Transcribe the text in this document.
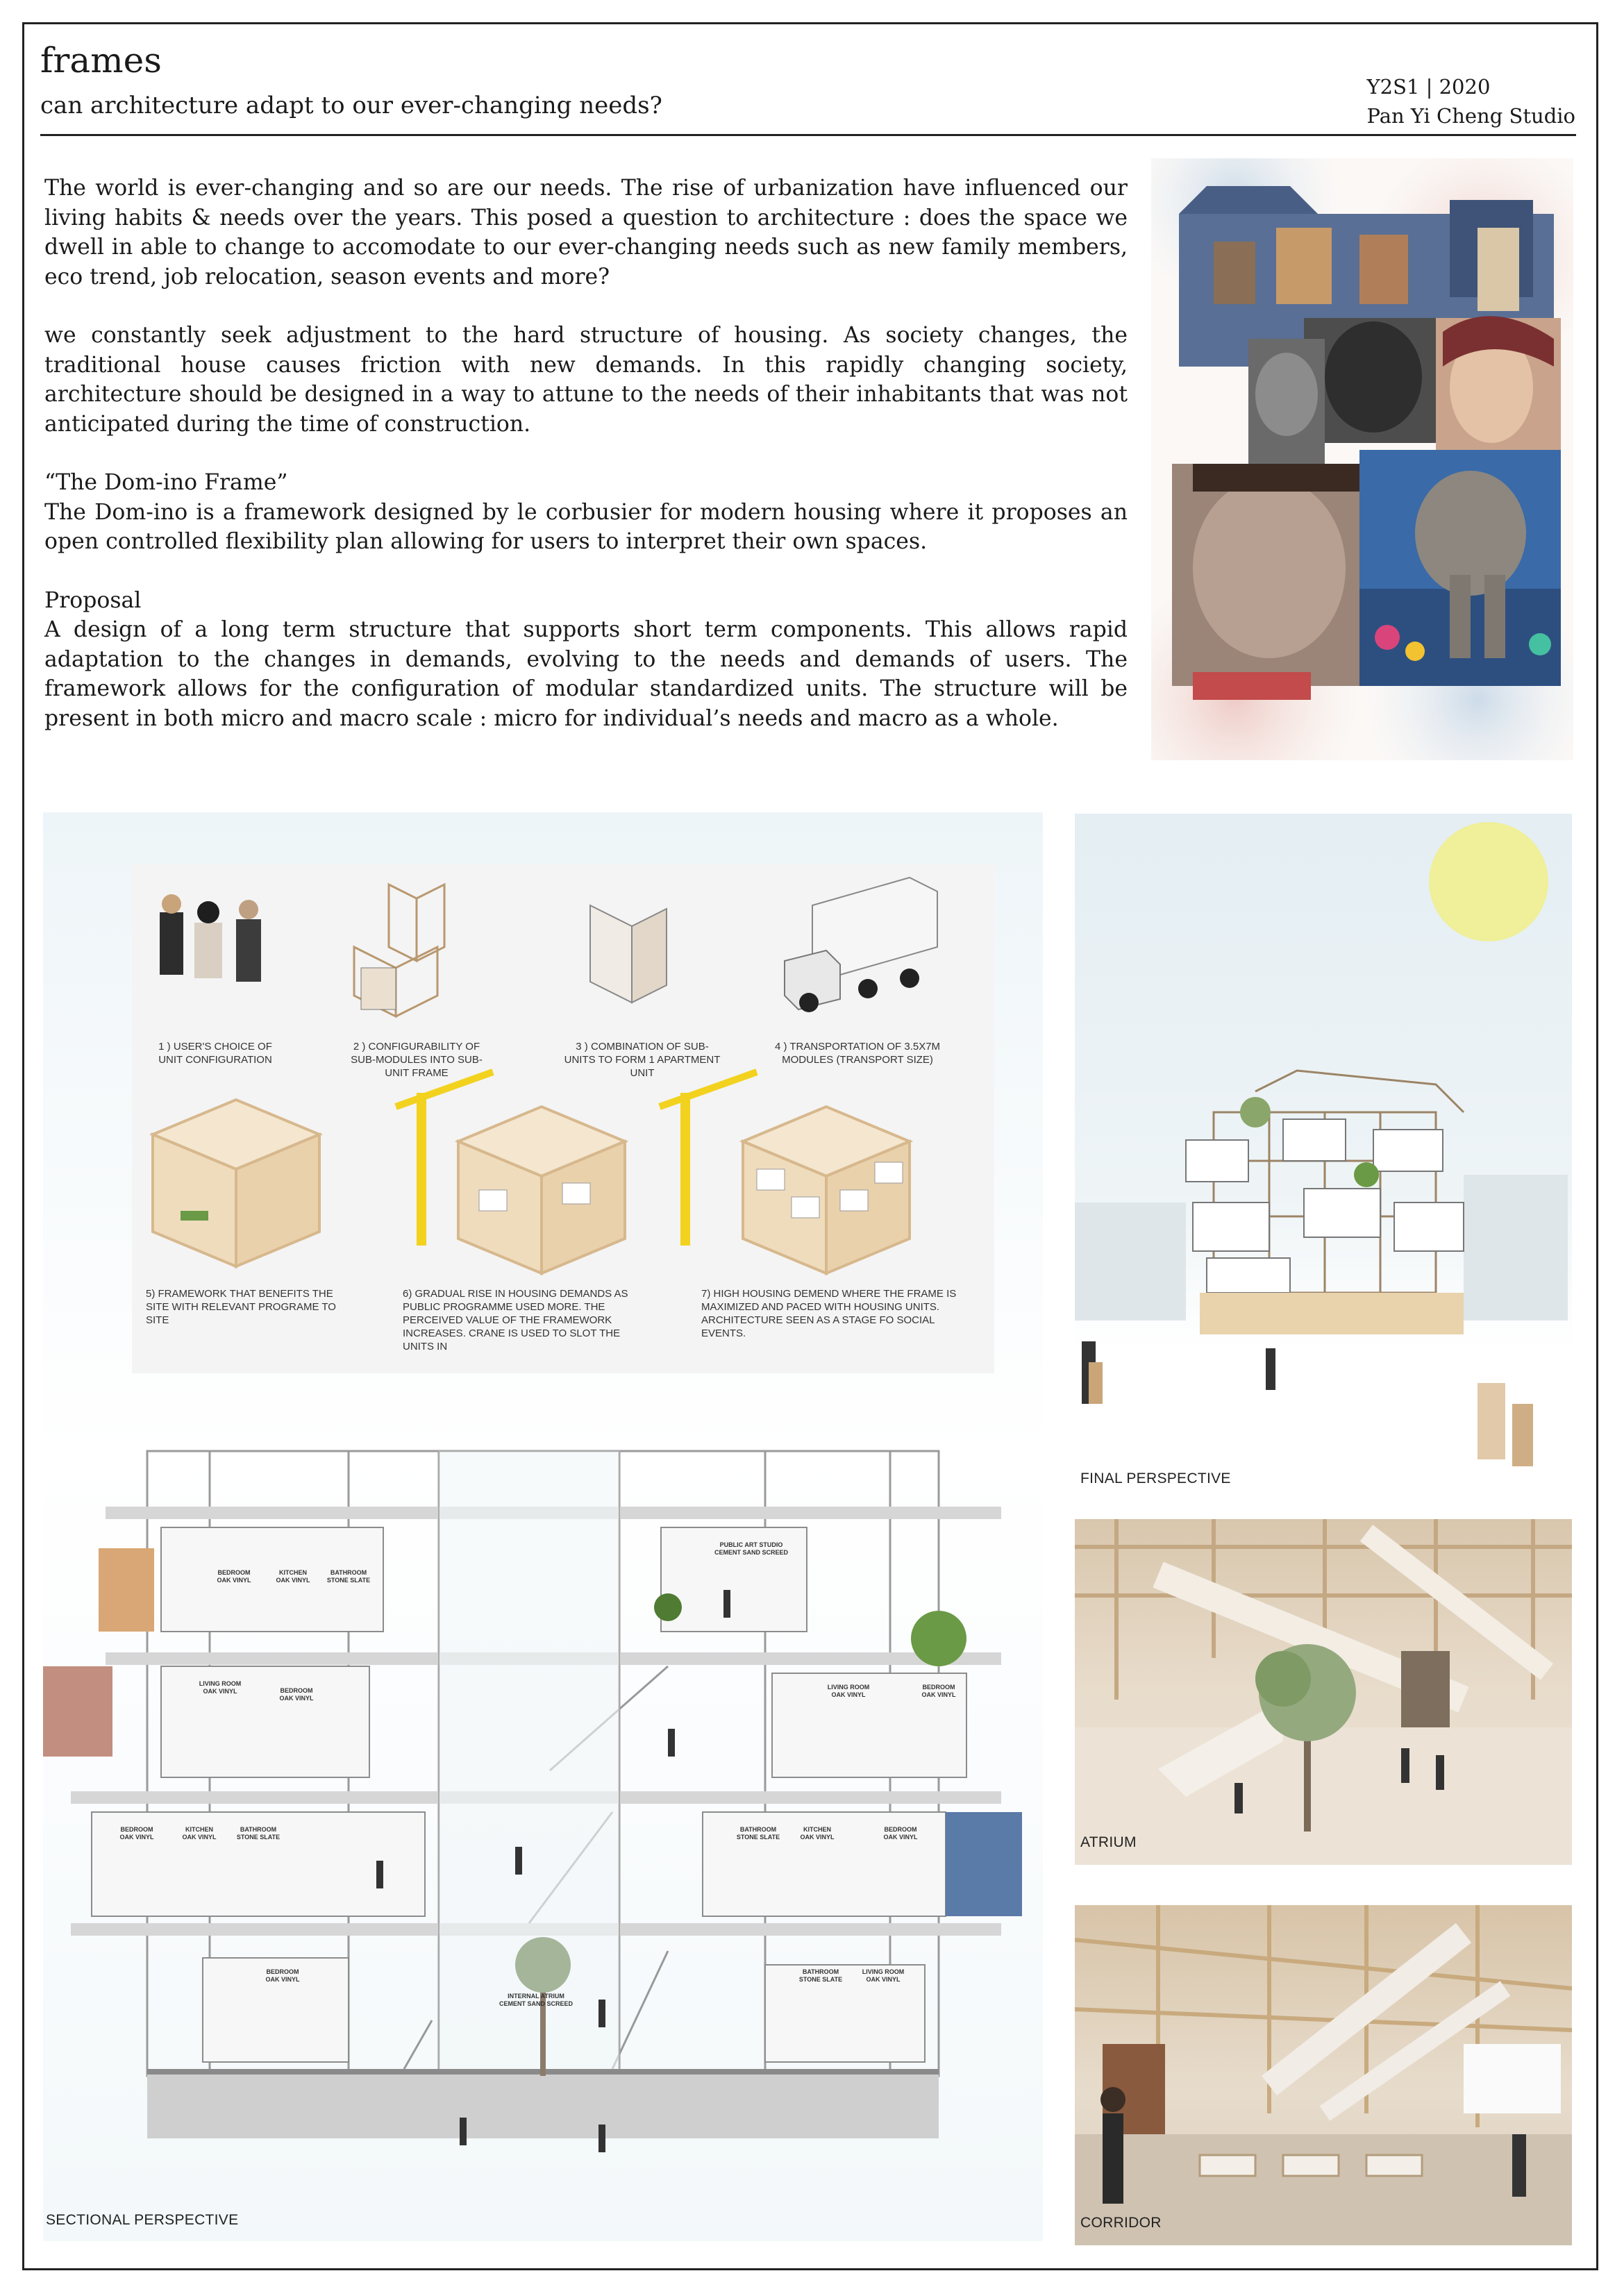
frames
can architecture adapt to our ever-changing needs?
Y2S1 | 2020
Pan Yi Cheng Studio

The world is ever-changing and so are our needs. The rise of urbanization have influenced our living habits & needs over the years. This posed a question to architecture : does the space we dwell in able to change to accomodate to our ever-changing needs such as new family members, eco trend, job relocation, season events and more?

we constantly seek adjustment to the hard structure of housing. As society changes, the traditional house causes friction with new demands. In this rapidly changing society, architecture should be designed in a way to attune to the needs of their inhabitants that was not anticipated during the time of construction.

“The Dom-ino Frame”

The Dom-ino is a framework designed by le corbusier for modern housing where it proposes an open controlled flexibility plan allowing for users to interpret their own spaces.

Proposal

A design of a long term structure that supports short term components. This allows rapid adaptation to the changes in demands, evolving to the needs and demands of users. The framework allows for the configuration of modular standardized units. The structure will be present in both micro and macro scale : micro for individual’s needs and macro as a whole.

1 ) USER'S CHOICE OF UNIT CONFIGURATION
2 ) CONFIGURABILITY OF SUB-MODULES INTO SUB-UNIT FRAME
3 ) COMBINATION OF SUB-UNITS TO FORM 1 APARTMENT UNIT
4 ) TRANSPORTATION OF 3.5X7M MODULES (TRANSPORT SIZE)
5) FRAMEWORK THAT BENEFITS THE SITE WITH RELEVANT PROGRAME TO SITE
6) GRADUAL RISE IN HOUSING DEMANDS AS PUBLIC PROGRAMME USED MORE. THE PERCEIVED VALUE OF THE FRAMEWORK INCREASES. CRANE IS USED TO SLOT THE UNITS IN
7) HIGH HOUSING DEMEND WHERE THE FRAME IS MAXIMIZED AND PACED WITH HOUSING UNITS. ARCHITECTURE SEEN AS A STAGE FO SOCIAL EVENTS.
BEDROOM
OAK VINYL
KITCHEN
OAK VINYL
BATHROOM
STONE SLATE
PUBLIC ART STUDIO
CEMENT SAND SCREED
LIVING ROOM
OAK VINYL	BEDROOM
OAK VINYL
LIVING ROOM
OAK VINYL
BEDROOM
OAK VINYL
BEDROOM
OAK VINYL
KITCHEN
OAK VINYL
BATHROOM
STONE SLATE
BATHROOM
STONE SLATE
KITCHEN
OAK VINYL
BEDROOM
OAK VINYL
BEDROOM
OAK VINYL
INTERNAL ATRIUM
CEMENT SAND SCREED
BATHROOM
STONE SLATE
LIVING ROOM
OAK VINYL
SECTIONAL PERSPECTIVE
FINAL PERSPECTIVE
ATRIUM
CORRIDOR
